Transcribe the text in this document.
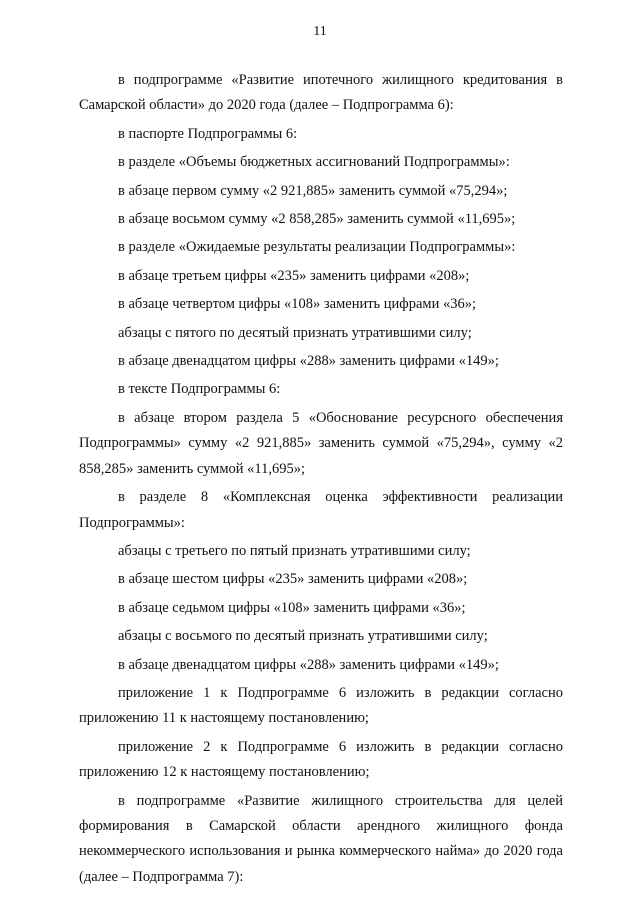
11

в подпрограмме «Развитие ипотечного жилищного кредитования в Самарской области» до 2020 года (далее – Подпрограмма 6):

в паспорте Подпрограммы 6:

в разделе «Объемы бюджетных ассигнований Подпрограммы»:

в абзаце первом сумму «2 921,885» заменить суммой «75,294»;

в абзаце восьмом сумму «2 858,285» заменить суммой «11,695»;

в разделе «Ожидаемые результаты реализации Подпрограммы»:

в абзаце третьем цифры «235» заменить цифрами «208»;

в абзаце четвертом цифры «108» заменить цифрами «36»;

абзацы с пятого по десятый признать утратившими силу;

в абзаце двенадцатом цифры «288» заменить цифрами «149»;

в тексте Подпрограммы 6:

в абзаце втором раздела 5 «Обоснование ресурсного обеспечения Подпрограммы» сумму «2 921,885» заменить суммой «75,294», сумму «2 858,285» заменить суммой «11,695»;

в разделе 8 «Комплексная оценка эффективности реализации Подпрограммы»:

абзацы с третьего по пятый признать утратившими силу;

в абзаце шестом цифры «235» заменить цифрами «208»;

в абзаце седьмом цифры «108» заменить цифрами «36»;

абзацы с восьмого по десятый признать утратившими силу;

в абзаце двенадцатом цифры «288» заменить цифрами «149»;

приложение 1 к Подпрограмме 6 изложить в редакции согласно приложению 11 к настоящему постановлению;

приложение 2 к Подпрограмме 6 изложить в редакции согласно приложению 12 к настоящему постановлению;

в подпрограмме «Развитие жилищного строительства для целей формирования в Самарской области арендного жилищного фонда некоммерческого использования и рынка коммерческого найма» до 2020 года (далее – Подпрограмма 7):
